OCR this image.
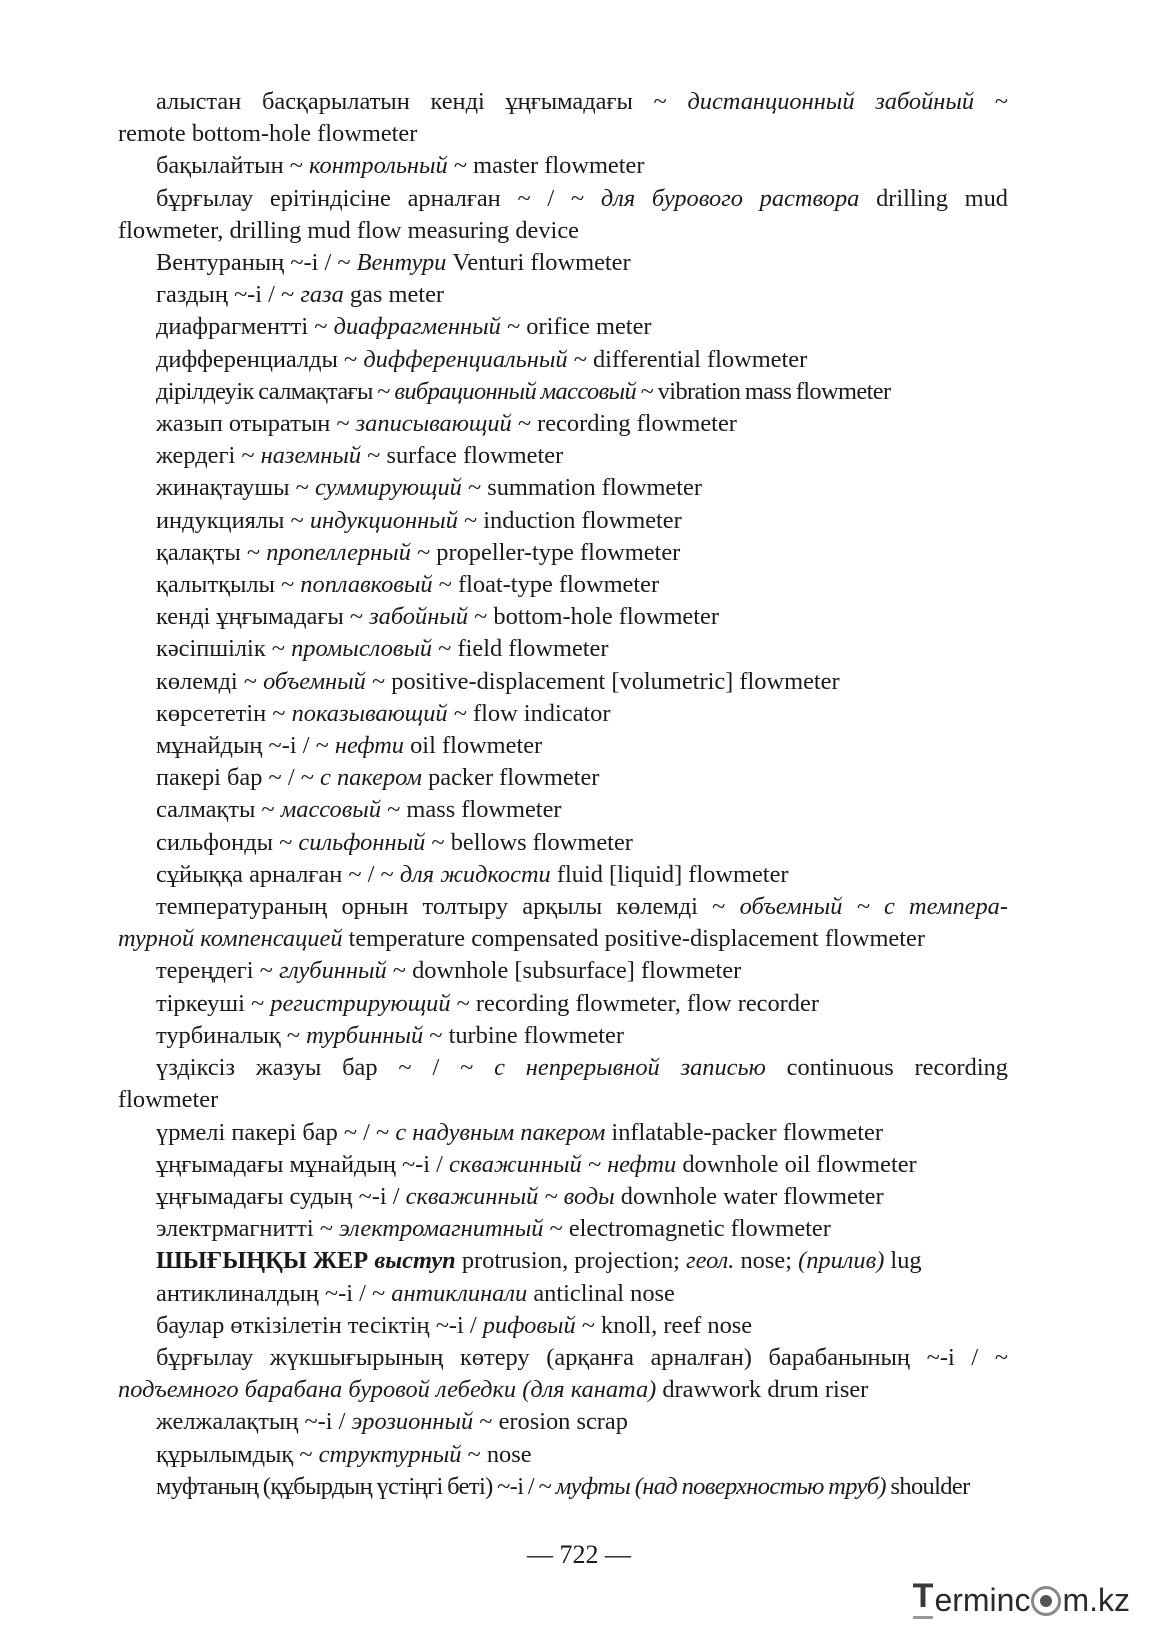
алыстан басқарылатын кенді ұңғымадағы ~ дистанционный забойный ~
remote bottom-hole flowmeter
бақылайтын ~ контрольный ~ master flowmeter
бұрғылау ерітіндісіне арналған ~ / ~ для бурового раствора drilling mud
flowmeter, drilling mud flow measuring device
Вентураның ~-і / ~ Вентури Venturi flowmeter
газдың ~-і / ~ газа gas meter
диафрагментті ~ диафрагменный ~ orifice meter
дифференциалды ~ дифференциальный ~ differential flowmeter
дірілдеуік салмақтағы ~ вибрационный массовый ~ vibration mass flowmeter
жазып отыратын ~ записывающий ~ recording flowmeter
жердегі ~ наземный ~ surface flowmeter
жинақтаушы ~ суммирующий ~ summation flowmeter
индукциялы ~ индукционный ~ induction flowmeter
қалақты ~ пропеллерный ~ propeller-type flowmeter
қалытқылы ~ поплавковый ~ float-type flowmeter
кенді ұңғымадағы ~ забойный ~ bottom-hole flowmeter
кәсіпшілік ~ промысловый ~ field flowmeter
көлемді ~ объемный ~ positive-displacement [volumetric] flowmeter
көрсететін ~ показывающий ~ flow indicator
мұнайдың ~-і / ~ нефти oil flowmeter
пакері бар ~ / ~ с пакером packer flowmeter
салмақты ~ массовый ~ mass flowmeter
сильфонды ~ сильфонный ~ bellows flowmeter
сұйыққа арналған ~ / ~ для жидкости fluid [liquid] flowmeter
температураның орнын толтыру арқылы көлемді ~ объемный ~ с темпера-
турной компенсацией temperature compensated positive-displacement flowmeter
тереңдегі ~ глубинный ~ downhole [subsurface] flowmeter
тіркеуші ~ регистрирующий ~ recording flowmeter, flow recorder
турбиналық ~ турбинный ~ turbine flowmeter
үздіксіз жазуы бар ~ / ~ с непрерывной записью continuous recording
flowmeter
үрмелі пакері бар ~ / ~ с надувным пакером inflatable-packer flowmeter
ұңғымадағы мұнайдың ~-і / скважинный ~ нефти downhole oil flowmeter
ұңғымадағы судың ~-і / скважинный ~ воды downhole water flowmeter
электрмагнитті ~ электромагнитный ~ electromagnetic flowmeter
ШЫҒЫҢҚЫ ЖЕР выступ protrusion, projection; геол. nose; (прилив) lug
антиклиналдың ~-і / ~ антиклинали anticlinal nose
баулар өткізілетін тесіктің ~-і / рифовый ~ knoll, reef nose
бұрғылау жүкшығырының көтеру (арқанға арналған) барабанының ~-і / ~
подъемного барабана буровой лебедки (для каната) drawwork drum riser
желжалақтың ~-і / эрозионный ~ erosion scrap
құрылымдық ~ структурный ~ nose
муфтаның (құбырдың үстіңгі беті) ~-і / ~ муфты (над поверхностью труб) shoulder
— 722 —
T erminc m.kz
